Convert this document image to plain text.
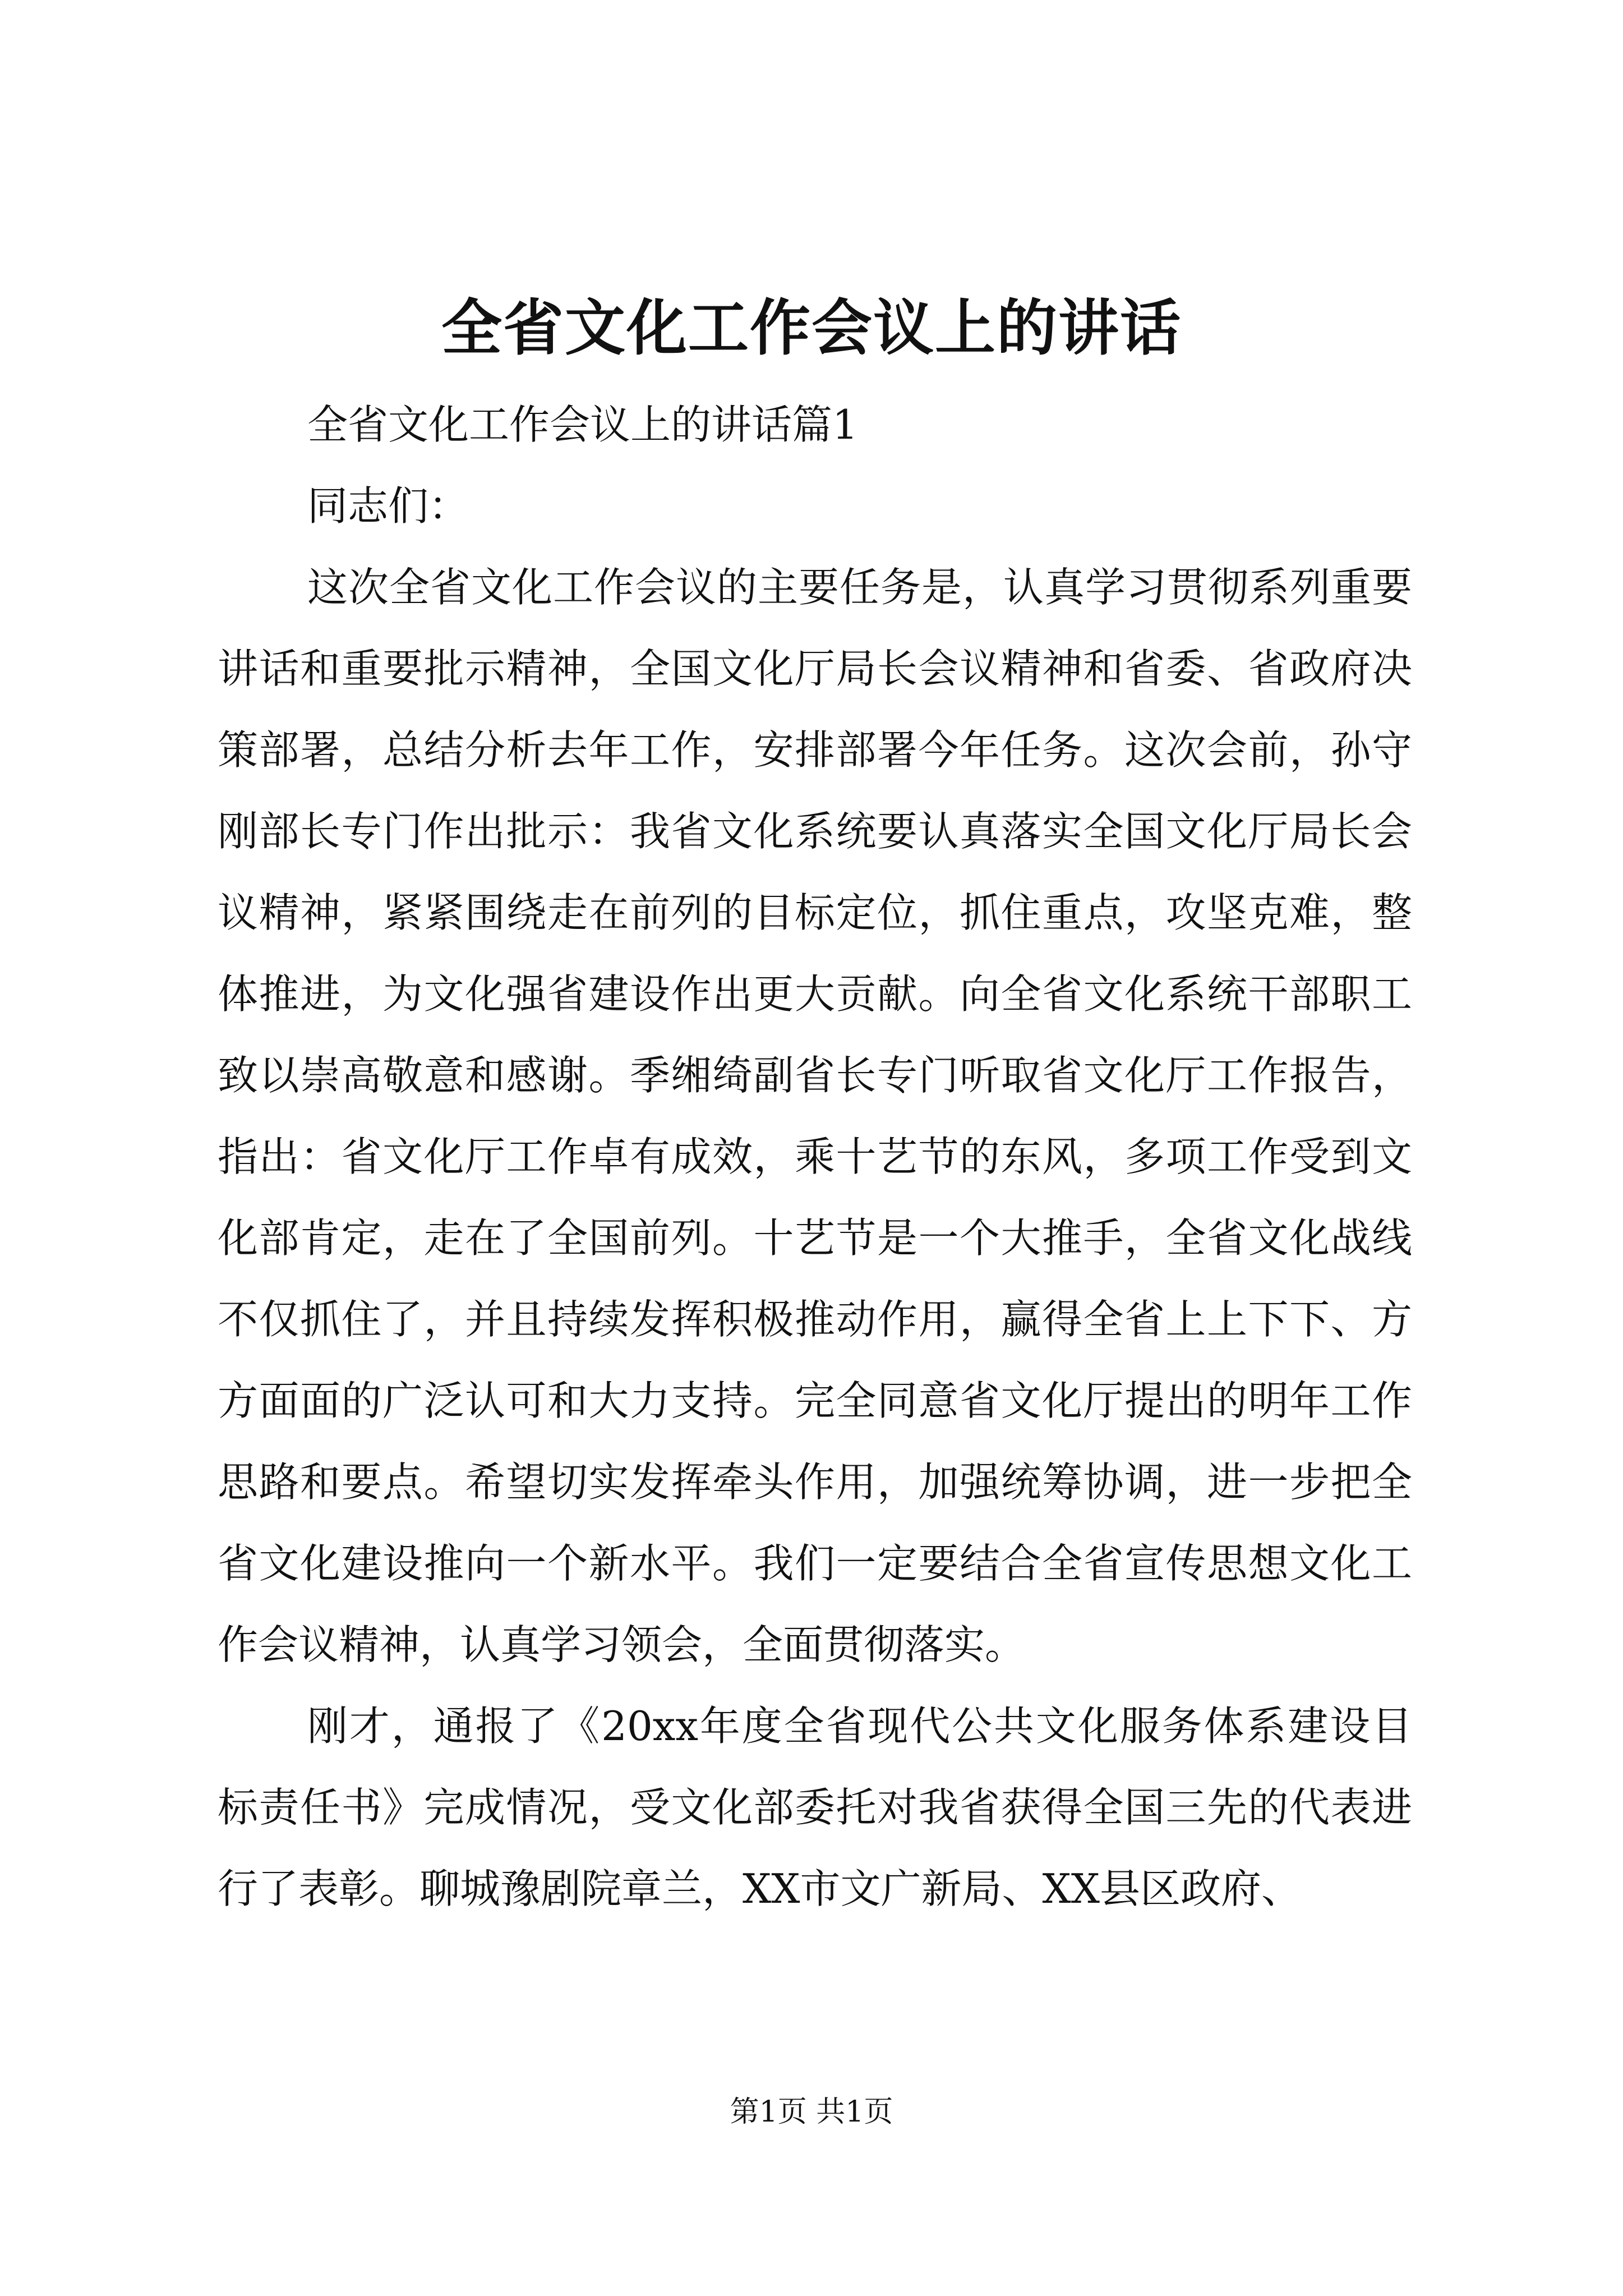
全省文化工作会议上的讲话

全省文化工作会议上的讲话篇1

同志们：

这次全省文化工作会议的主要任务是，认真学习贯彻系列重要讲话和重要批示精神，全国文化厅局长会议精神和省委、省政府决策部署，总结分析去年工作，安排部署今年任务。这次会前，孙守刚部长专门作出批示：我省文化系统要认真落实全国文化厅局长会议精神，紧紧围绕走在前列的目标定位，抓住重点，攻坚克难，整体推进，为文化强省建设作出更大贡献。向全省文化系统干部职工致以崇高敬意和感谢。季缃绮副省长专门听取省文化厅工作报告，指出：省文化厅工作卓有成效，乘十艺节的东风，多项工作受到文化部肯定，走在了全国前列。十艺节是一个大推手，全省文化战线不仅抓住了，并且持续发挥积极推动作用，赢得全省上上下下、方方面面的广泛认可和大力支持。完全同意省文化厅提出的明年工作思路和要点。希望切实发挥牵头作用，加强统筹协调，进一步把全省文化建设推向一个新水平。我们一定要结合全省宣传思想文化工作会议精神，认真学习领会，全面贯彻落实。

刚才，通报了《20xx年度全省现代公共文化服务体系建设目标责任书》完成情况，受文化部委托对我省获得全国三先的代表进行了表彰。聊城豫剧院章兰，XX市文广新局、XX县区政府、

第1页 共1页
